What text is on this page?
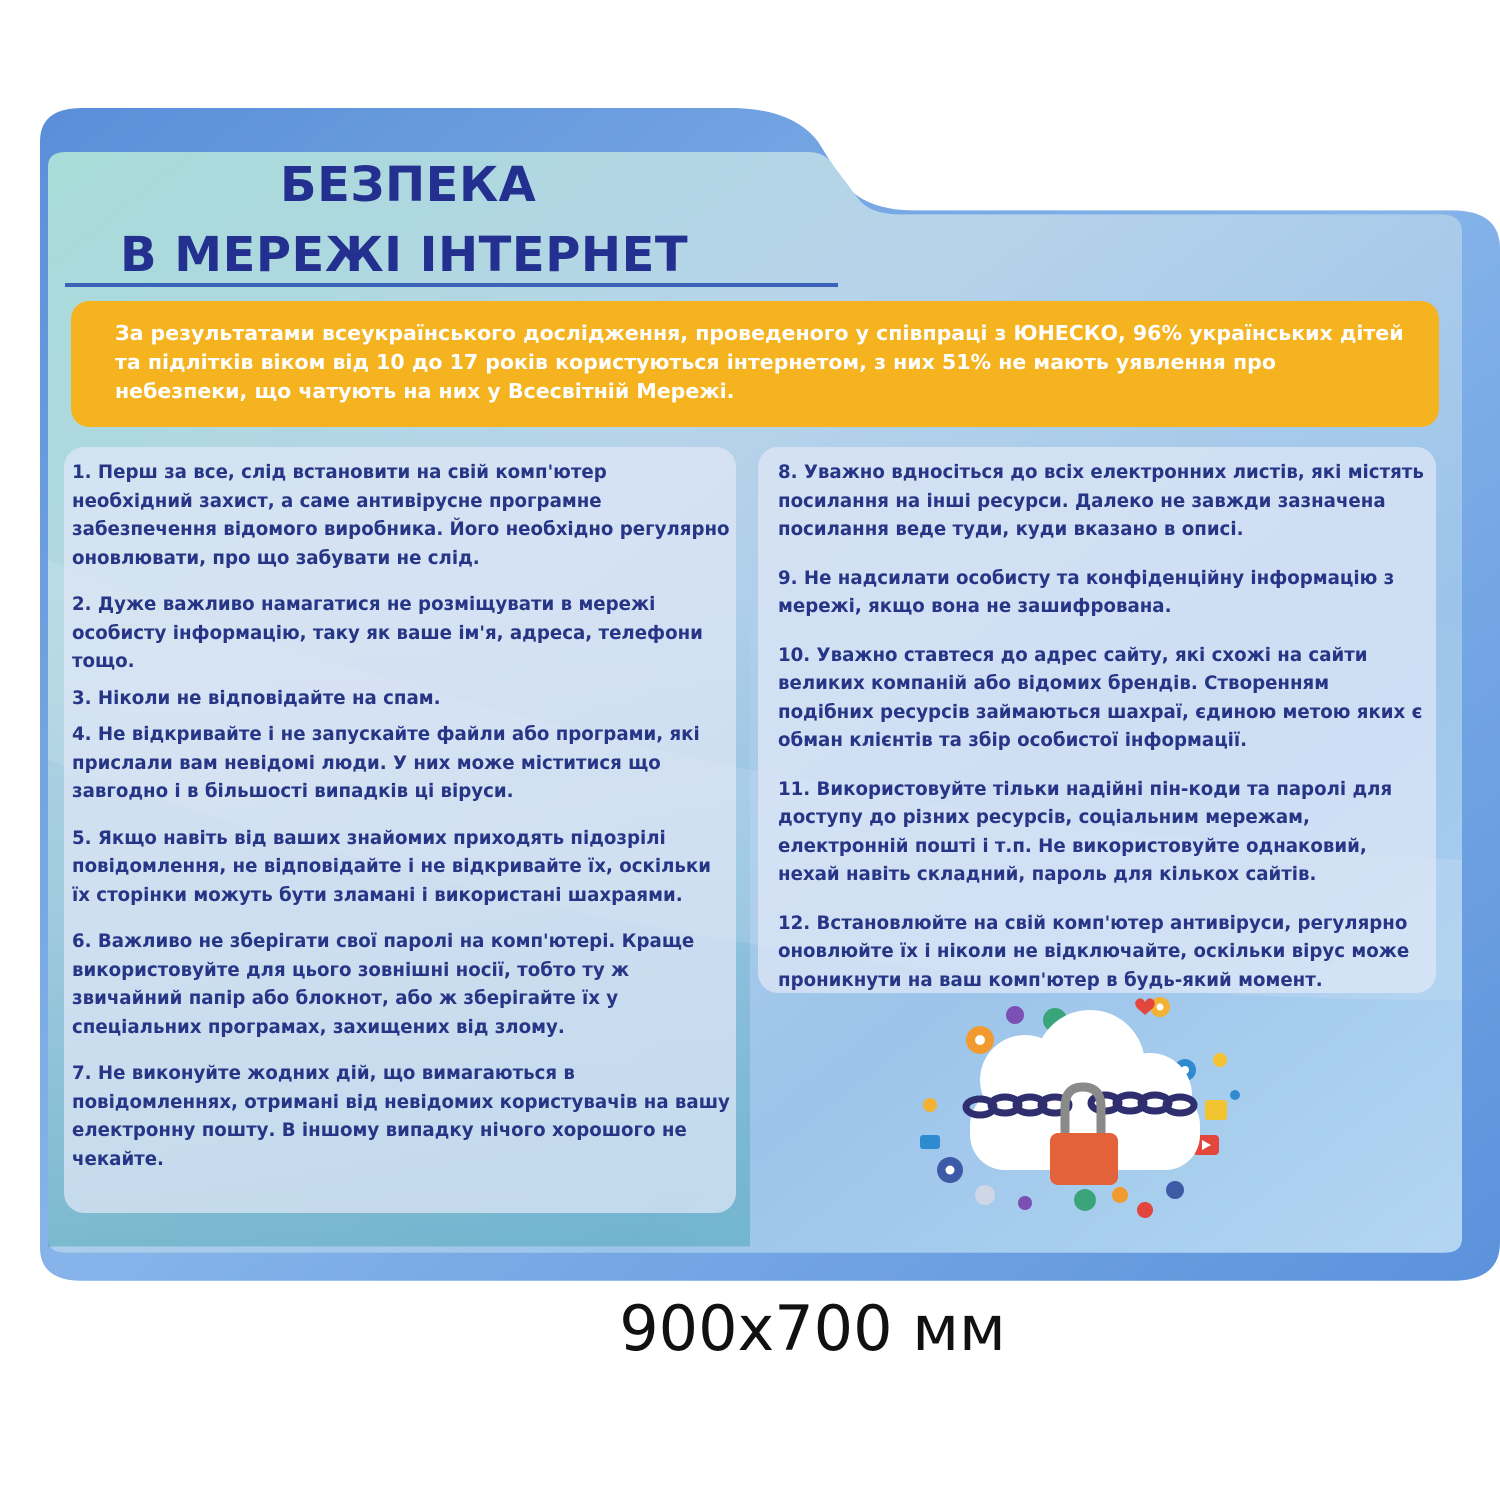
БЕЗПЕКА
В МЕРЕЖІ ІНТЕРНЕТ
За результатами всеукраїнського дослідження, проведеного у співпраці з ЮНЕСКО, 96% українських дітей та підлітків віком від 10 до 17 років користуються інтернетом, з них 51% не мають уявлення про небезпеки, що чатують на них у Всесвітній Мережі.

1. Перш за все, слід встановити на свій комп'ютер необхідний захист, а саме антивірусне програмне забезпечення відомого виробника. Його необхідно регулярно оновлювати, про що забувати не слід.

2. Дуже важливо намагатися не розміщувати в мережі особисту інформацію, таку як ваше ім'я, адреса, телефони тощо.

3. Ніколи не відповідайте на спам.

4. Не відкривайте і не запускайте файли або програми, які прислали вам невідомі люди. У них може міститися що завгодно і в більшості випадків ці віруси.

5. Якщо навіть від ваших знайомих приходять підозрілі повідомлення, не відповідайте і не відкривайте їх, оскільки їх сторінки можуть бути зламані і використані шахраями.

6. Важливо не зберігати свої паролі на комп'ютері. Краще використовуйте для цього зовнішні носії, тобто ту ж звичайний папір або блокнот, або ж зберігайте їх у спеціальних програмах, захищених від злому.

7. Не виконуйте жодних дій, що вимагаються в повідомленнях, отримані від невідомих користувачів на вашу електронну пошту. В іншому випадку нічого хорошого не чекайте.

8. Уважно вдносіться до всіх електронних листів, які містять посилання на інші ресурси. Далеко не завжди зазначена посилання веде туди, куди вказано в описі.

9. Не надсилати особисту та конфіденційну інформацію з мережі, якщо вона не зашифрована.

10. Уважно ставтеся до адрес сайту, які схожі на сайти великих компаній або відомих брендів. Створенням подібних ресурсів займаються шахраї, єдиною метою яких є обман клієнтів та збір особистої інформації.

11. Використовуйте тільки надійні пін-коди та паролі для доступу до різних ресурсів, соціальним мережам, електронній пошті і т.п. Не використовуйте однаковий, нехай навіть складний, пароль для кількох сайтів.

12. Встановлюйте на свій комп'ютер антивіруси, регулярно оновлюйте їх і ніколи не відключайте, оскільки вірус може проникнути на ваш комп'ютер в будь-який момент.

900x700 мм
